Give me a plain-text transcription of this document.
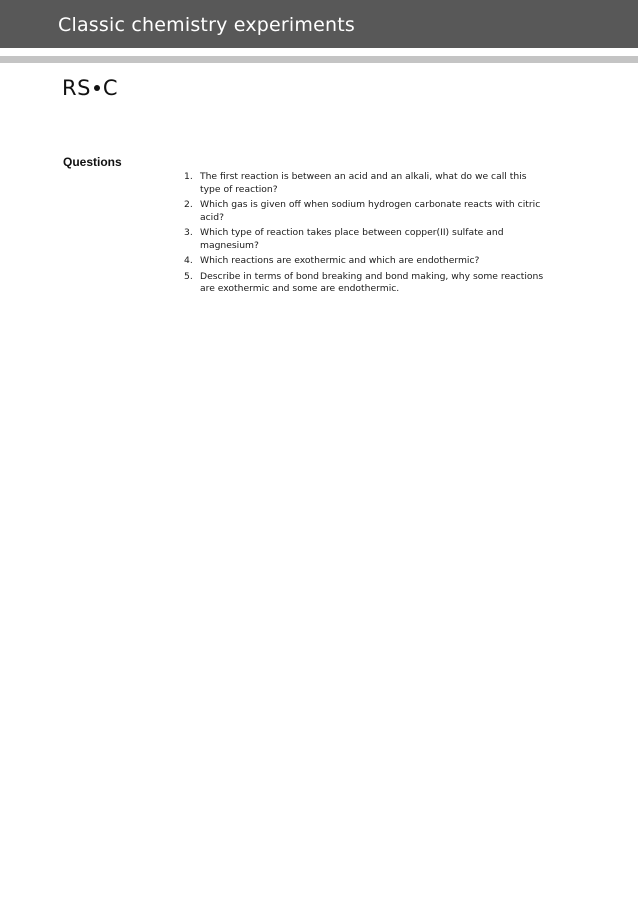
Classic chemistry experiments
RS C
Questions
1. The first reaction is between an acid and an alkali, what do we call this type of reaction?
2. Which gas is given off when sodium hydrogen carbonate reacts with citric acid?
3. Which type of reaction takes place between copper(II) sulfate and magnesium?
4. Which reactions are exothermic and which are endothermic?
5. Describe in terms of bond breaking and bond making, why some reactions are exothermic and some are endothermic.
